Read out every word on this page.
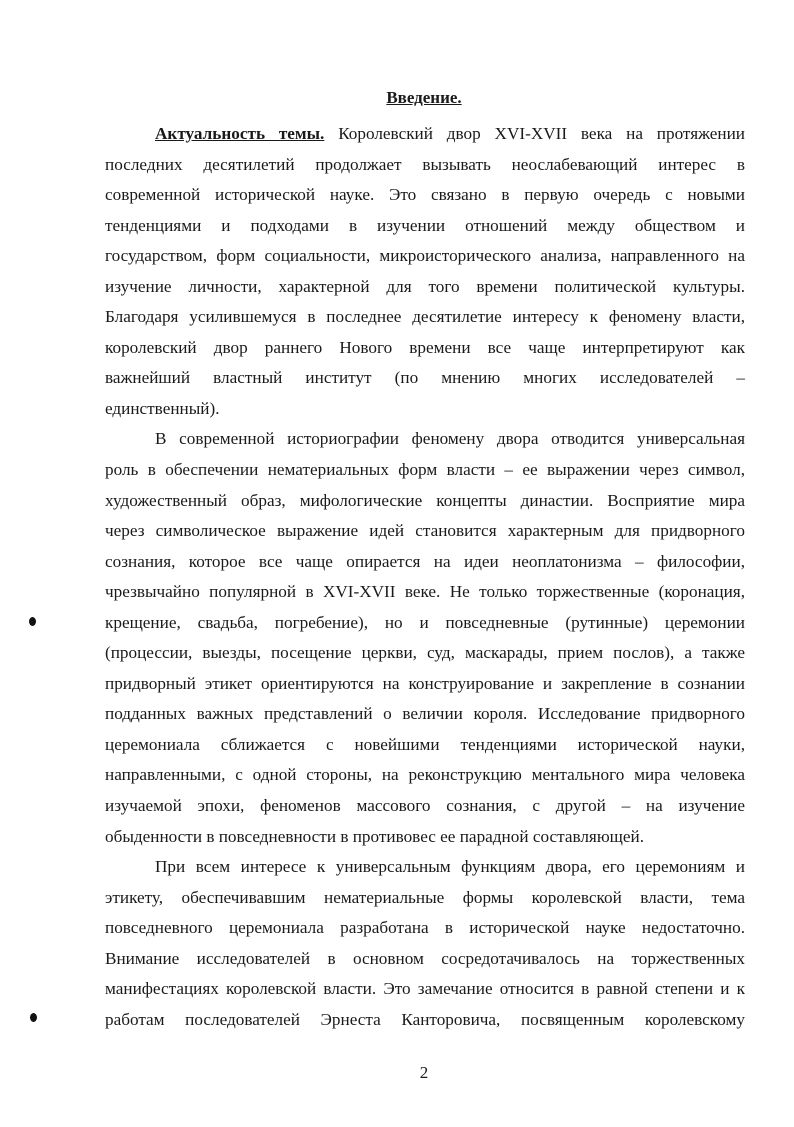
Введение.
Актуальность темы. Королевский двор XVI-XVII века на протяжении
последних десятилетий продолжает вызывать неослабевающий интерес в
современной исторической науке. Это связано в первую очередь с новыми
тенденциями и подходами в изучении отношений между обществом и
государством, форм социальности, микроисторического анализа, направленного на
изучение личности, характерной для того времени политической культуры.
Благодаря усилившемуся в последнее десятилетие интересу к феномену власти,
королевский двор раннего Нового времени все чаще интерпретируют как
важнейший властный институт (по мнению многих исследователей –
единственный).
В современной историографии феномену двора отводится универсальная
роль в обеспечении нематериальных форм власти – ее выражении через символ,
художественный образ, мифологические концепты династии. Восприятие мира
через символическое выражение идей становится характерным для придворного
сознания, которое все чаще опирается на идеи неоплатонизма – философии,
чрезвычайно популярной в XVI-XVII веке. Не только торжественные (коронация,
крещение, свадьба, погребение), но и повседневные (рутинные) церемонии
(процессии, выезды, посещение церкви, суд, маскарады, прием послов), а также
придворный этикет ориентируются на конструирование и закрепление в сознании
подданных важных представлений о величии короля. Исследование придворного
церемониала сближается с новейшими тенденциями исторической науки,
направленными, с одной стороны, на реконструкцию ментального мира человека
изучаемой эпохи, феноменов массового сознания, с другой – на изучение
обыденности в повседневности в противовес ее парадной составляющей.
При всем интересе к универсальным функциям двора, его церемониям и
этикету, обеспечивавшим нематериальные формы королевской власти, тема
повседневного церемониала разработана в исторической науке недостаточно.
Внимание исследователей в основном сосредотачивалось на торжественных
манифестациях королевской власти. Это замечание относится в равной степени и к
работам последователей Эрнеста Канторовича, посвященным королевскому
2
